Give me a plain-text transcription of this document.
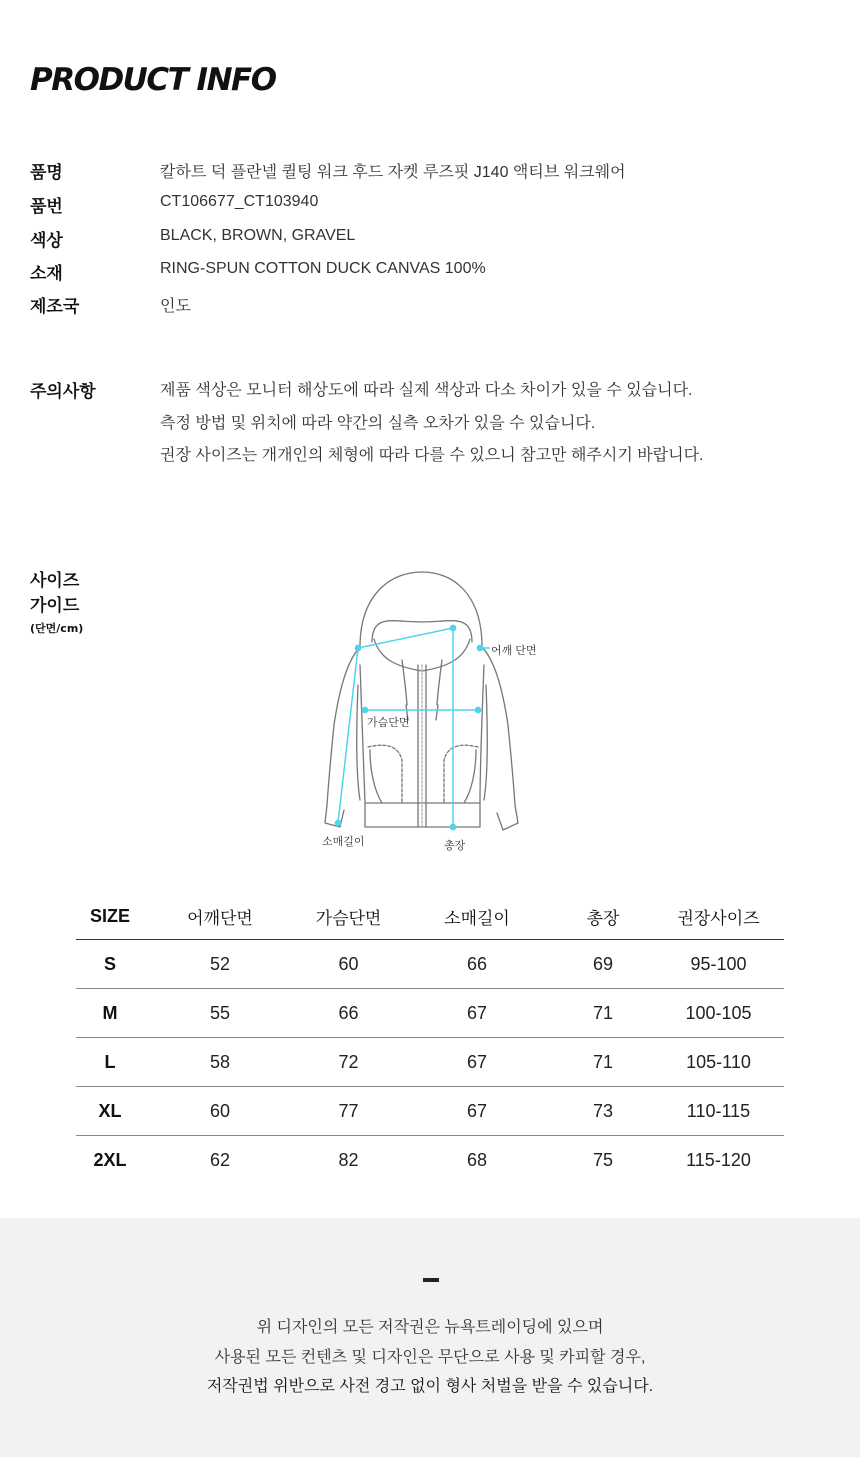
PRODUCT INFO
품명	칼하트 덕 플란넬 퀼팅 워크 후드 자켓 루즈핏 J140 액티브 워크웨어
품번	CT106677_CT103940
색상	BLACK, BROWN, GRAVEL
소재	RING-SPUN COTTON DUCK CANVAS 100%
제조국	인도
주의사항	제품 색상은 모니터 해상도에 따라 실제 색상과 다소 차이가 있을 수 있습니다.
측정 방법 및 위치에 따라 약간의 실측 오차가 있을 수 있습니다.
권장 사이즈는 개개인의 체형에 따라 다를 수 있으니 참고만 해주시기 바랍니다.
사이즈
가이드
(단면/cm)
어깨 단면
가슴단면
소매길이	총장
SIZE	어깨단면	가슴단면	소매길이	총장	권장사이즈
S	52	60	66	69	95-100
M	55	66	67	71	100-105
L	58	72	67	71	105-110
XL	60	77	67	73	110-115
2XL	62	82	68	75	115-120
위 디자인의 모든 저작권은 뉴욕트레이딩에 있으며
사용된 모든 컨텐츠 및 디자인은 무단으로 사용 및 카피할 경우,
저작권법 위반으로 사전 경고 없이 형사 처벌을 받을 수 있습니다.
